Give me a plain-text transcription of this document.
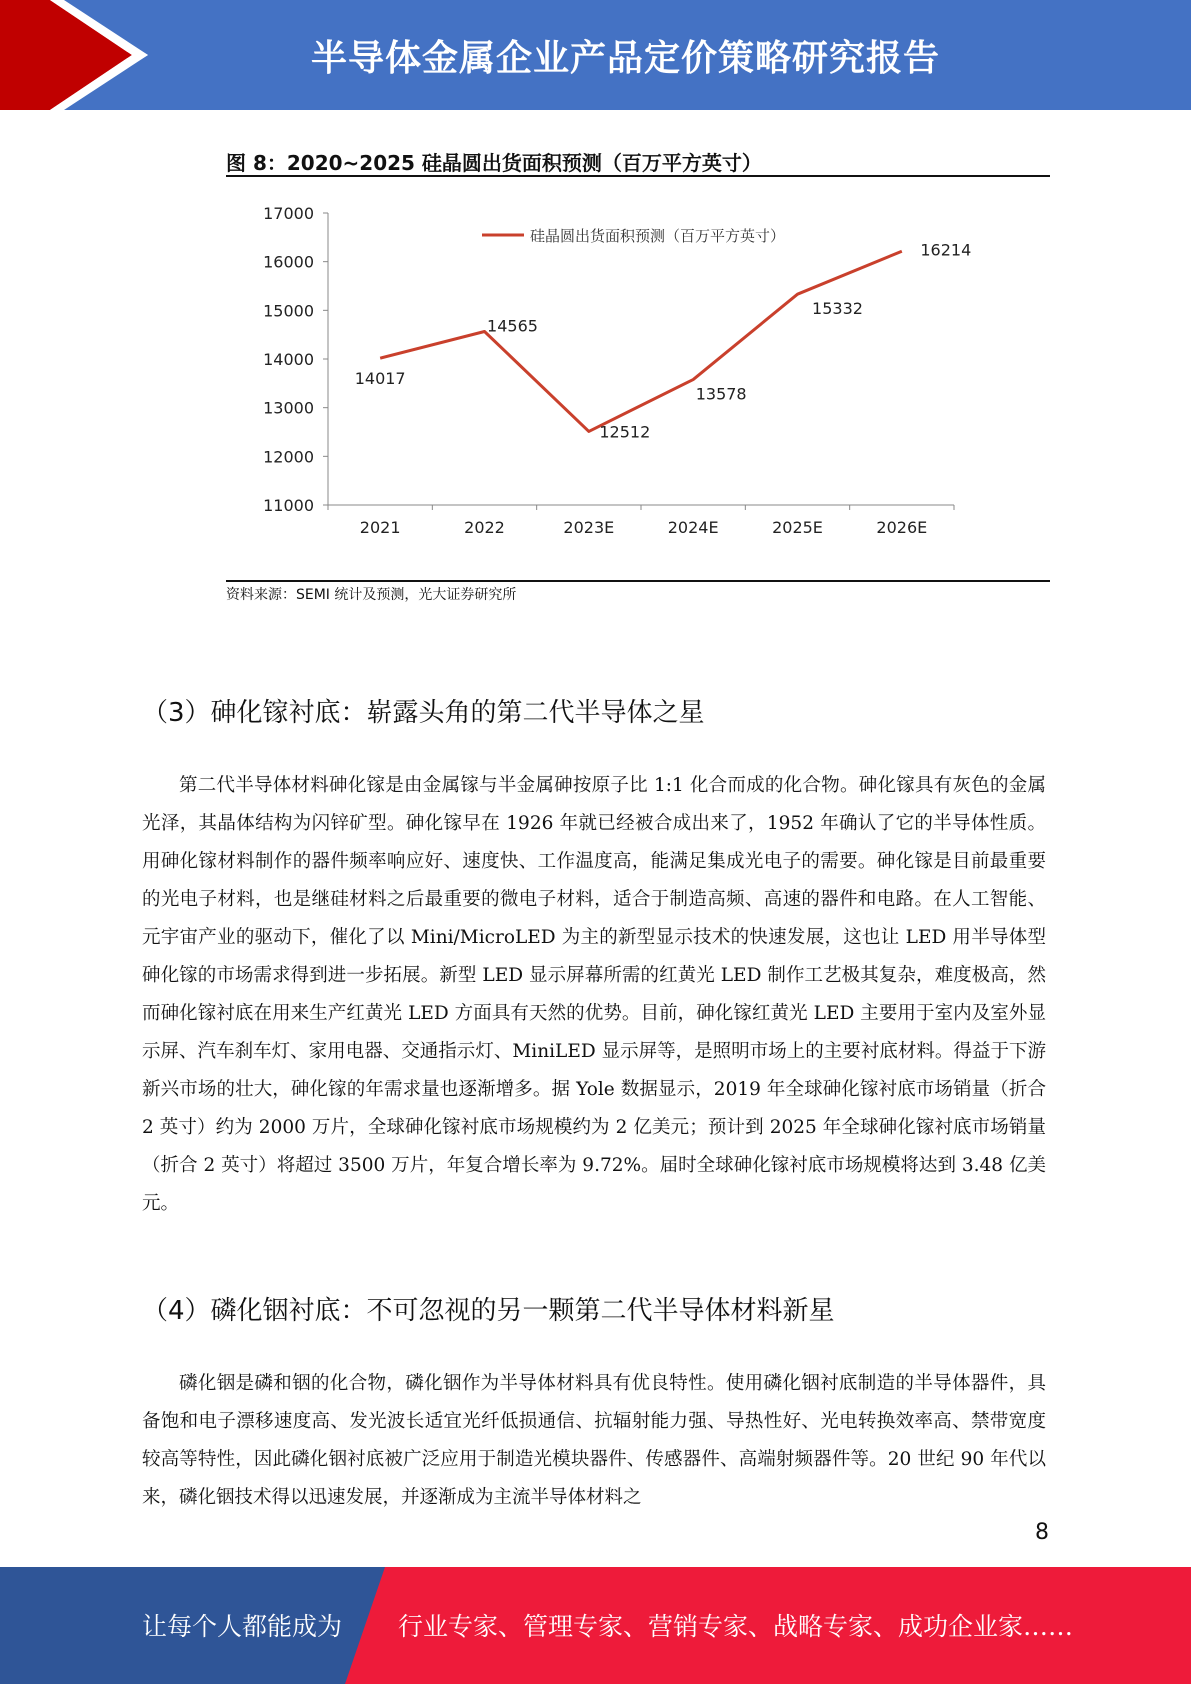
半导体金属企业产品定价策略研究报告
图 8：2020~2025 硅晶圆出货面积预测（百万平方英寸）
11000
12000
13000
14000
15000
16000
17000
2021	2022	2023E	2024E	2025E	2026E
14017
14565
12512
13578
15332
16214
硅晶圆出货面积预测（百万平方英寸）
资料来源：SEMI 统计及预测，光大证券研究所
（3）砷化镓衬底：崭露头角的第二代半导体之星

第二代半导体材料砷化镓是由金属镓与半金属砷按原子比 1:1 化合而成的化合物。砷化镓具有灰色的金属光泽，其晶体结构为闪锌矿型。砷化镓早在 1926 年就已经被合成出来了，1952 年确认了它的半导体性质。用砷化镓材料制作的器件频率响应好、速度快、工作温度高，能满足集成光电子的需要。砷化镓是目前最重要的光电子材料，也是继硅材料之后最重要的微电子材料，适合于制造高频、高速的器件和电路。在人工智能、元宇宙产业的驱动下，催化了以 Mini/MicroLED 为主的新型显示技术的快速发展，这也让 LED 用半导体型砷化镓的市场需求得到进一步拓展。新型 LED 显示屏幕所需的红黄光 LED 制作工艺极其复杂，难度极高，然而砷化镓衬底在用来生产红黄光 LED 方面具有天然的优势。目前，砷化镓红黄光 LED 主要用于室内及室外显示屏、汽车刹车灯、家用电器、交通指示灯、MiniLED 显示屏等，是照明市场上的主要衬底材料。得益于下游新兴市场的壮大，砷化镓的年需求量也逐渐增多。据 Yole 数据显示，2019 年全球砷化镓衬底市场销量（折合 2 英寸）约为 2000 万片，全球砷化镓衬底市场规模约为 2 亿美元；预计到 2025 年全球砷化镓衬底市场销量（折合 2 英寸）将超过 3500 万片，年复合增长率为 9.72%。届时全球砷化镓衬底市场规模将达到 3.48 亿美元。

（4）磷化铟衬底：不可忽视的另一颗第二代半导体材料新星

磷化铟是磷和铟的化合物，磷化铟作为半导体材料具有优良特性。使用磷化铟衬底制造的半导体器件，具备饱和电子漂移速度高、发光波长适宜光纤低损通信、抗辐射能力强、导热性好、光电转换效率高、禁带宽度较高等特性，因此磷化铟衬底被广泛应用于制造光模块器件、传感器件、高端射频器件等。20 世纪 90 年代以来，磷化铟技术得以迅速发展，并逐渐成为主流半导体材料之

8
让每个人都能成为 行业专家、管理专家、营销专家、战略专家、成功企业家……
